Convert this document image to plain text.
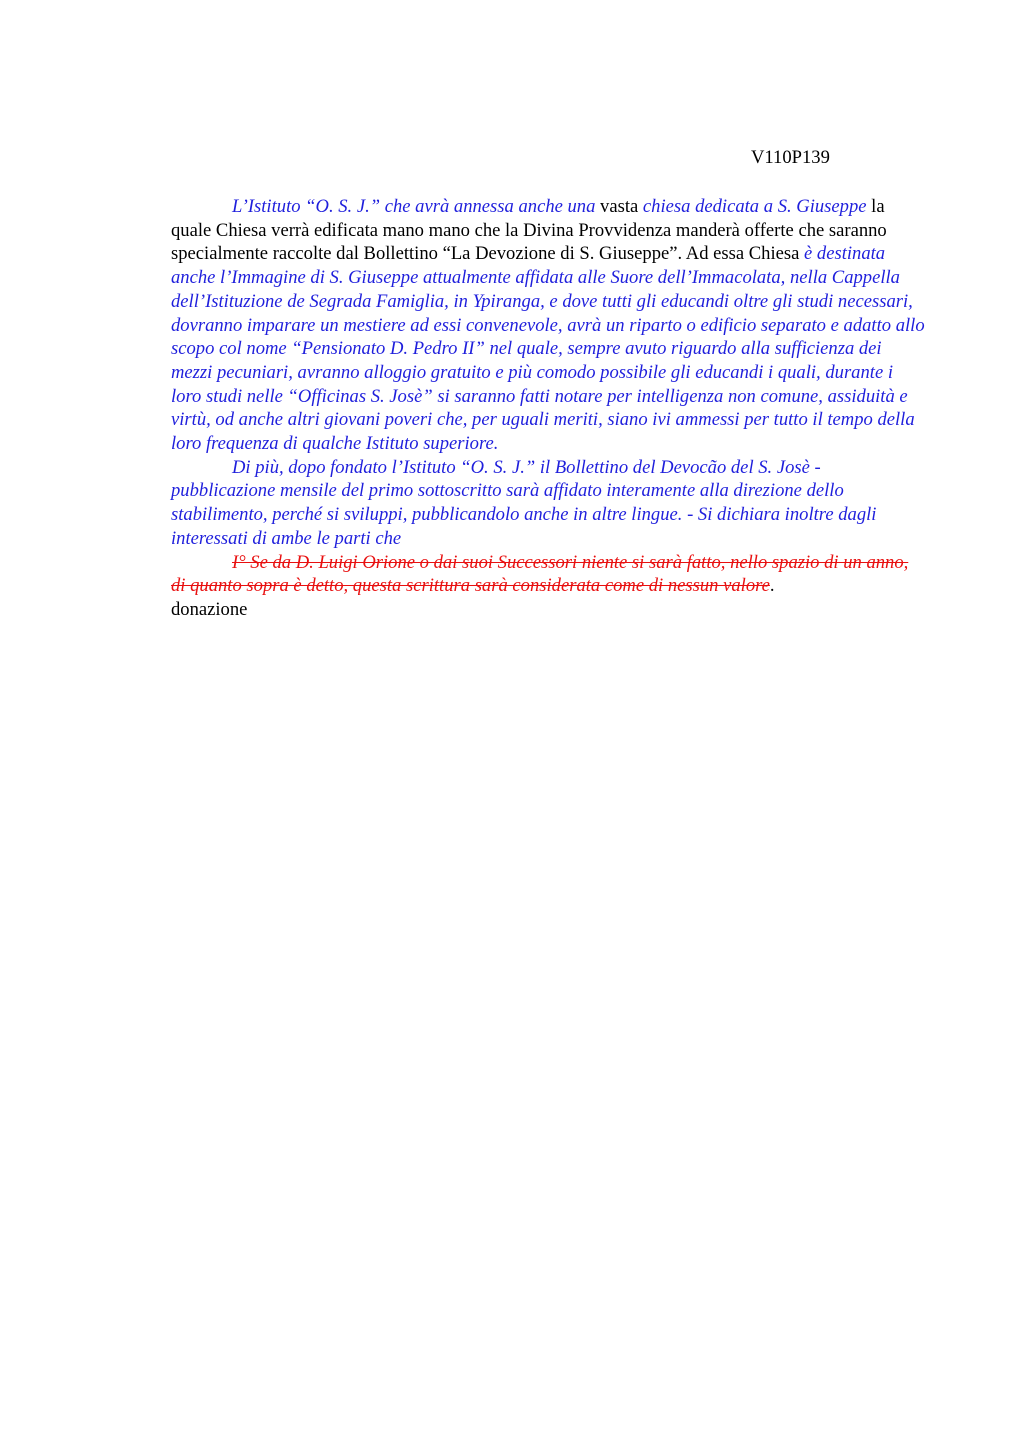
V110P139

L’Istituto “O. S. J.” che avrà annessa anche una vasta chiesa dedicata a S. Giuseppe la quale Chiesa verrà edificata mano mano che la Divina Provvidenza manderà offerte che saranno specialmente raccolte dal Bollettino “La Devozione di S. Giuseppe”. Ad essa Chiesa è destinata anche l’Immagine di S. Giuseppe attualmente affidata alle Suore dell’Immacolata, nella Cappella dell’Istituzione de Segrada Famiglia, in Ypiranga, e dove tutti gli educandi oltre gli studi necessari, dovranno imparare un mestiere ad essi convenevole, avrà un riparto o edificio separato e adatto allo scopo col nome “Pensionato D. Pedro II” nel quale, sempre avuto riguardo alla sufficienza dei mezzi pecuniari, avranno alloggio gratuito e più comodo possibile gli educandi i quali, durante i loro studi nelle “Officinas S. Josè” si saranno fatti notare per intelligenza non comune, assiduità e virtù, od anche altri giovani poveri che, per uguali meriti, siano ivi ammessi per tutto il tempo della loro frequenza di qualche Istituto superiore.

Di più, dopo fondato l’Istituto “O. S. J.” il Bollettino del Devocão del S. Josè - pubblicazione mensile del primo sottoscritto sarà affidato interamente alla direzione dello stabilimento, perché si sviluppi, pubblicandolo anche in altre lingue. - Si dichiara inoltre dagli interessati di ambe le parti che

I° Se da D. Luigi Orione o dai suoi Successori niente si sarà fatto, nello spazio di un anno, di quanto sopra è detto, questa scrittura sarà considerata come di nessun valore.

donazione
